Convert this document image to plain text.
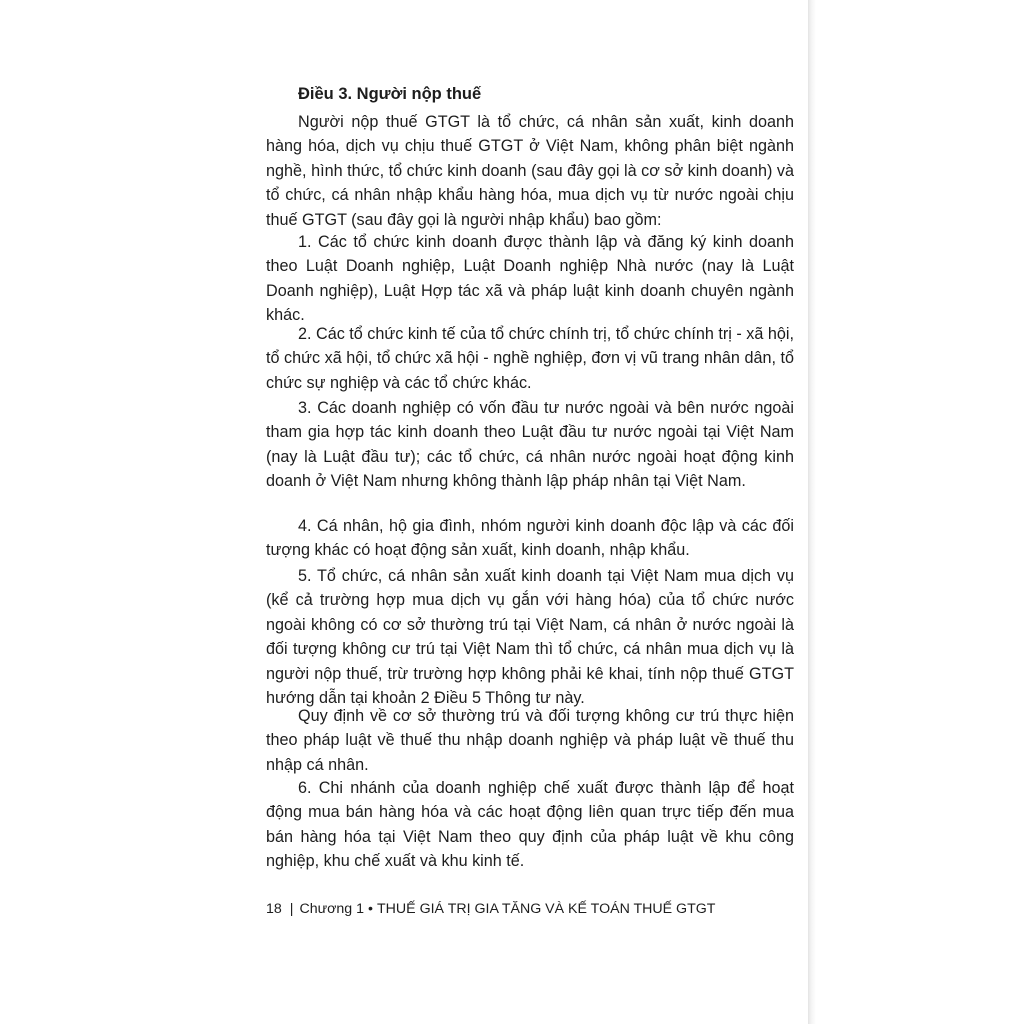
Điều 3. Người nộp thuế

Người nộp thuế GTGT là tổ chức, cá nhân sản xuất, kinh doanh hàng hóa, dịch vụ chịu thuế GTGT ở Việt Nam, không phân biệt ngành nghề, hình thức, tổ chức kinh doanh (sau đây gọi là cơ sở kinh doanh) và tổ chức, cá nhân nhập khẩu hàng hóa, mua dịch vụ từ nước ngoài chịu thuế GTGT (sau đây gọi là người nhập khẩu) bao gồm:

1. Các tổ chức kinh doanh được thành lập và đăng ký kinh doanh theo Luật Doanh nghiệp, Luật Doanh nghiệp Nhà nước (nay là Luật Doanh nghiệp), Luật Hợp tác xã và pháp luật kinh doanh chuyên ngành khác.

2. Các tổ chức kinh tế của tổ chức chính trị, tổ chức chính trị - xã hội, tổ chức xã hội, tổ chức xã hội - nghề nghiệp, đơn vị vũ trang nhân dân, tổ chức sự nghiệp và các tổ chức khác.

3. Các doanh nghiệp có vốn đầu tư nước ngoài và bên nước ngoài tham gia hợp tác kinh doanh theo Luật đầu tư nước ngoài tại Việt Nam (nay là Luật đầu tư); các tổ chức, cá nhân nước ngoài hoạt động kinh doanh ở Việt Nam nhưng không thành lập pháp nhân tại Việt Nam.

4. Cá nhân, hộ gia đình, nhóm người kinh doanh độc lập và các đối tượng khác có hoạt động sản xuất, kinh doanh, nhập khẩu.

5. Tổ chức, cá nhân sản xuất kinh doanh tại Việt Nam mua dịch vụ (kể cả trường hợp mua dịch vụ gắn với hàng hóa) của tổ chức nước ngoài không có cơ sở thường trú tại Việt Nam, cá nhân ở nước ngoài là đối tượng không cư trú tại Việt Nam thì tổ chức, cá nhân mua dịch vụ là người nộp thuế, trừ trường hợp không phải kê khai, tính nộp thuế GTGT hướng dẫn tại khoản 2 Điều 5 Thông tư này.

Quy định về cơ sở thường trú và đối tượng không cư trú thực hiện theo pháp luật về thuế thu nhập doanh nghiệp và pháp luật về thuế thu nhập cá nhân.

6. Chi nhánh của doanh nghiệp chế xuất được thành lập để hoạt động mua bán hàng hóa và các hoạt động liên quan trực tiếp đến mua bán hàng hóa tại Việt Nam theo quy định của pháp luật về khu công nghiệp, khu chế xuất và khu kinh tế.

18 | Chương 1 • THUẾ GIÁ TRỊ GIA TĂNG VÀ KẾ TOÁN THUẾ GTGT
